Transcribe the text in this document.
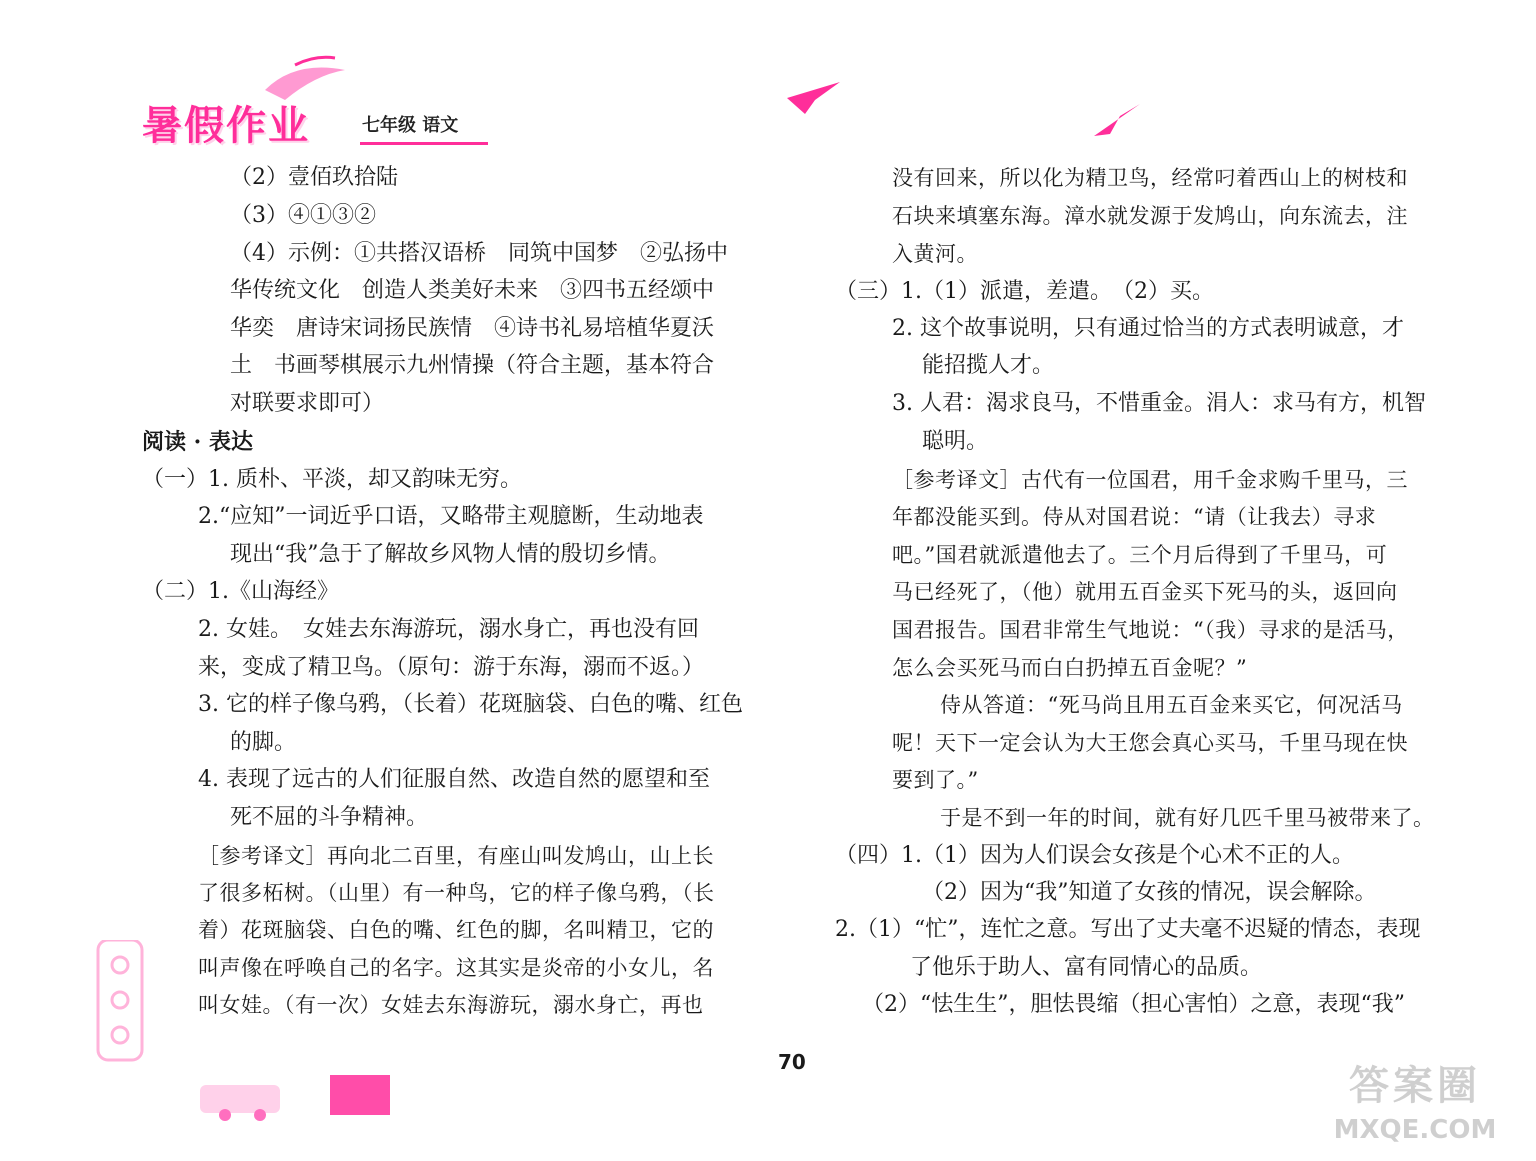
暑假作业	七年级 语文
（2）壹佰玖拾陆
（3）④①③②
（4）示例：①共搭汉语桥　同筑中国梦　②弘扬中
华传统文化　创造人类美好未来　③四书五经颂中
华奕　唐诗宋词扬民族情　④诗书礼易培植华夏沃
土　书画琴棋展示九州情操（符合主题，基本符合
对联要求即可）
阅读 · 表达
（一）1. 质朴、平淡，却又韵味无穷。
2.“应知”一词近乎口语，又略带主观臆断，生动地表
现出“我”急于了解故乡风物人情的殷切乡情。
（二）1.《山海经》
2. 女娃。　女娃去东海游玩，溺水身亡，再也没有回
来，变成了精卫鸟。（原句：游于东海，溺而不返。）
3. 它的样子像乌鸦，（长着）花斑脑袋、白色的嘴、红色
的脚。
4. 表现了远古的人们征服自然、改造自然的愿望和至
死不屈的斗争精神。
［参考译文］再向北二百里，有座山叫发鸠山，山上长
了很多柘树。（山里）有一种鸟，它的样子像乌鸦，（长
着）花斑脑袋、白色的嘴、红色的脚，名叫精卫，它的
叫声像在呼唤自己的名字。这其实是炎帝的小女儿，名
叫女娃。（有一次）女娃去东海游玩，溺水身亡，再也
没有回来，所以化为精卫鸟，经常叼着西山上的树枝和
石块来填塞东海。漳水就发源于发鸠山，向东流去，注
入黄河。
（三）1.（1）派遣，差遣。　（2）买。
2. 这个故事说明，只有通过恰当的方式表明诚意，才
能招揽人才。
3. 人君：渴求良马，不惜重金。涓人：求马有方，机智
聪明。
［参考译文］古代有一位国君，用千金求购千里马，三
年都没能买到。侍从对国君说：“请（让我去）寻求
吧。”国君就派遣他去了。三个月后得到了千里马，可
马已经死了，（他）就用五百金买下死马的头，返回向
国君报告。国君非常生气地说：“（我）寻求的是活马，
怎么会买死马而白白扔掉五百金呢？”
侍从答道：“死马尚且用五百金来买它，何况活马
呢！天下一定会认为大王您会真心买马，千里马现在快
要到了。”
于是不到一年的时间，就有好几匹千里马被带来了。
（四）1.（1）因为人们误会女孩是个心术不正的人。
（2）因为“我”知道了女孩的情况，误会解除。
2.（1）“忙”，连忙之意。写出了丈夫毫不迟疑的情态，表现
了他乐于助人、富有同情心的品质。
（2）“怯生生”，胆怯畏缩（担心害怕）之意，表现“我”
70
答案圈
MXQE.COM
